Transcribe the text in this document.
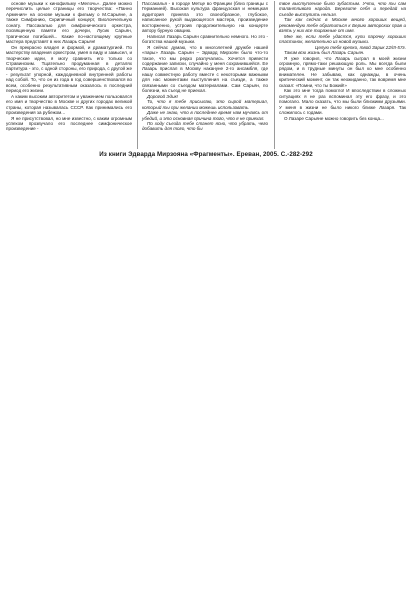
основе музыки к кинофильму «Мелочь». Далее можно перечислить целые страницы его творчества: «Панно Армения» на основе музыки к фильму о М.Сарьяне, а также Симфонию, Скрипичный концерт, Виолончельную сонату. Пассакалью для симфонического оркестра, посвященную памяти его дочери, Лусик Сарьян, трагически погибшей... Какие по-настоящему крупные мастера представят в них Лазарь Сарьян!

Он прекрасно владел и формой, и драматургией. По мастерству владения оркестром, умея в виду и замысел, и творческие идеи, я могу сравнить его только со Стравинским. Тщательно продуманная в деталях партитура - это, с одной стороны, его природа, с другой же - результат упорной, каждодневной внутренней работы над собой. То, что он из года в год совершенствовался во всем, особенно результативным оказалось в последний период его жизни.

А каким высоким авторитетом и уважением пользовался его имя и творчество в Москве и других городах великой страны, которая называлась СССР. Как принимались его произведения за рубежом...

Я не присутствовал, но мне известно, с каким огромным успехом прозвучало его последнее симфоническое произведение -

Пассакалья - в городе Метце во Франции (близ границы с Германией). Высокая культура французская и немецкая аудитория приняла это своеобразное, глубокое, написанное рукой выдающегося мастера, произведение восторженно, устроив продолжительную на концерте автору бурную овацию.

Написал Лазарь Сарьян сравнительно немного. Но это - богатства нашей музыки.

Я сейчас думаю, что в многолетней дружбе нашей «пары» Лазарь Сарьян – Эдвард Мирзоян было что-то такое, что мы редко разлучались. Хочется привести содержание записки, случайно у меня сохранившейся. Ее Лазарь прислал в Москву накануне 2-го ансамбля, где нашу совместную работу вместе с некоторыми важными для нас моментами выступления на съезде, а также связанными со съездом материалами. Сам Сарьян, по болезни, на съезд не приехал.

Дорогой Эдик!

То, что я тебе присылаю, это сырой материал, который ты при желании можешь использовать.

Даже не знаю, что в последнее время нам мучаясь от убедий, и это основная причина того, что я не приехал.

По ходу съезда тебе станет ясно, что убрать, чего добавить для того, что бы

твое выступление было зубастым. Учти, что ты сам талантливого народа. Берегите себя и передай на съезде выступить нельзя.

Так как сейчас в Москве много хороших вещей, рекомендую тебе обратиться к Берию авторских прав и взять у них все тиражные от имя.

Мне же, если тебе удастся, купи парочку хороших пластинок, желательно из новой музыки.

Целую тебя крепко, твой Зарик 22/III-57г.

Таким всю жизнь был Лазарь Сарьян.

Я уже говорил, что Лазарь сыграл в моей жизни огромную, прямо-таки решающую роль. Мы всегда были рядом, и в трудные минуты он был ко мне особенно внимателен. Не забываю, как однажды, в очень критический момент, он так неожиданно, так вовремя мне сказал: «Помни, что ты Божий!»

Как это мне тогда помогло! И впоследствии в сложных ситуациях я не раз вспоминал эту его фразу, и это помогало. Мало сказать, что мы были близкими друзьями. У меня в жизни не было никого ближе Лазаря. Так сложилось с годами.

О Лазаре Сарьяне можно говорить без конца...

Из книги Эдварда Мирзояна «Фрагменты». Ереван, 2005. С.-282-292
